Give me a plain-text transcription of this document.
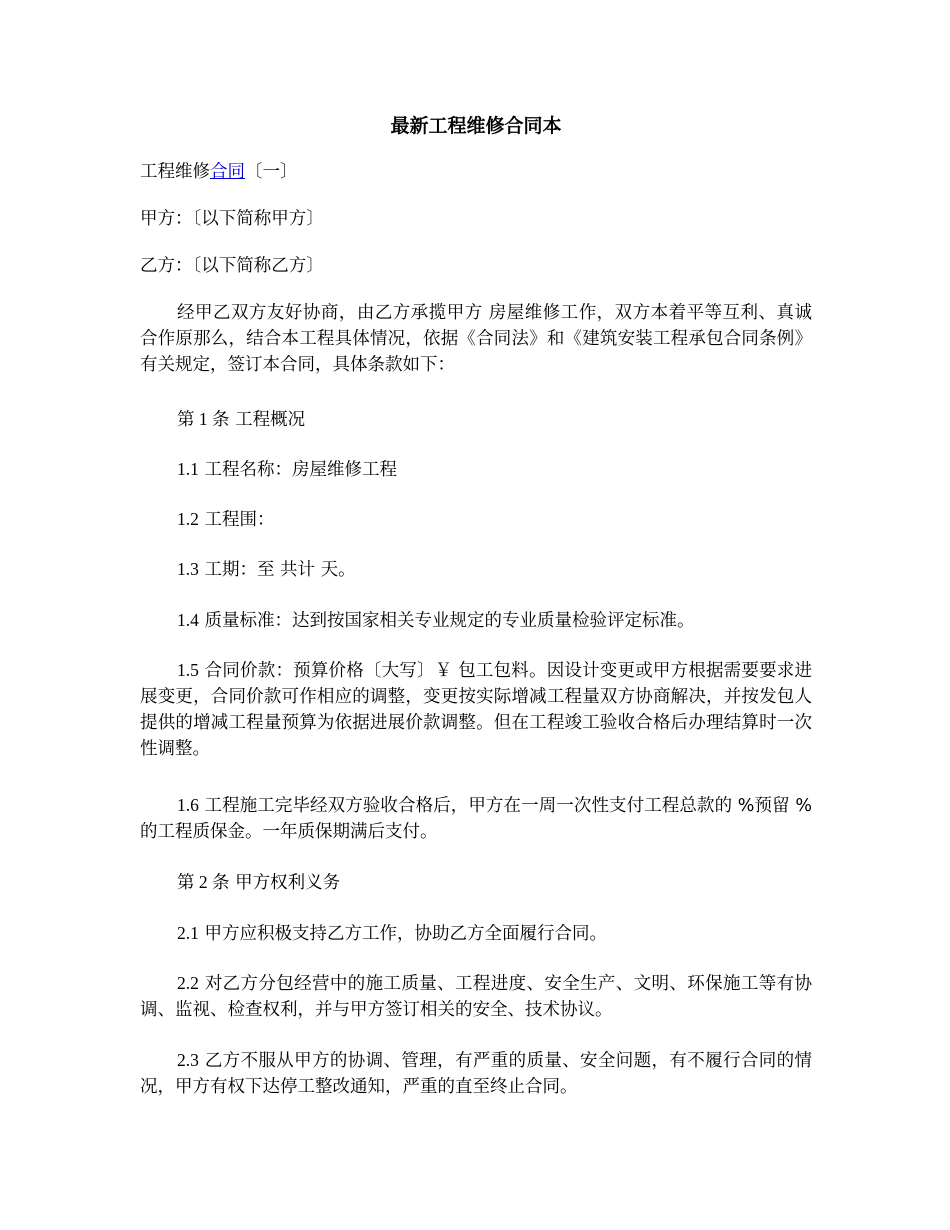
最新工程维修合同本
工程维修合同〔一〕
甲方：〔以下简称甲方〕
乙方：〔以下简称乙方〕
经甲乙双方友好协商，由乙方承揽甲方 房屋维修工作，双方本着平等互利、真诚合作原那么，结合本工程具体情况，依据《合同法》和《建筑安装工程承包合同条例》有关规定，签订本合同，具体条款如下：
第 1 条 工程概况
1.1 工程名称：房屋维修工程
1.2 工程围：
1.3 工期：至 共计 天。
1.4 质量标准：达到按国家相关专业规定的专业质量检验评定标准。
1.5 合同价款：预算价格〔大写〕￥ 包工包料。因设计变更或甲方根据需要要求进展变更，合同价款可作相应的调整，变更按实际增减工程量双方协商解决，并按发包人提供的增减工程量预算为依据进展价款调整。但在工程竣工验收合格后办理结算时一次性调整。
1.6 工程施工完毕经双方验收合格后，甲方在一周一次性支付工程总款的 %预留 %的工程质保金。一年质保期满后支付。
第 2 条 甲方权利义务
2.1 甲方应积极支持乙方工作，协助乙方全面履行合同。
2.2 对乙方分包经营中的施工质量、工程进度、安全生产、文明、环保施工等有协调、监视、检查权利，并与甲方签订相关的安全、技术协议。
2.3 乙方不服从甲方的协调、管理，有严重的质量、安全问题，有不履行合同的情况，甲方有权下达停工整改通知，严重的直至终止合同。
